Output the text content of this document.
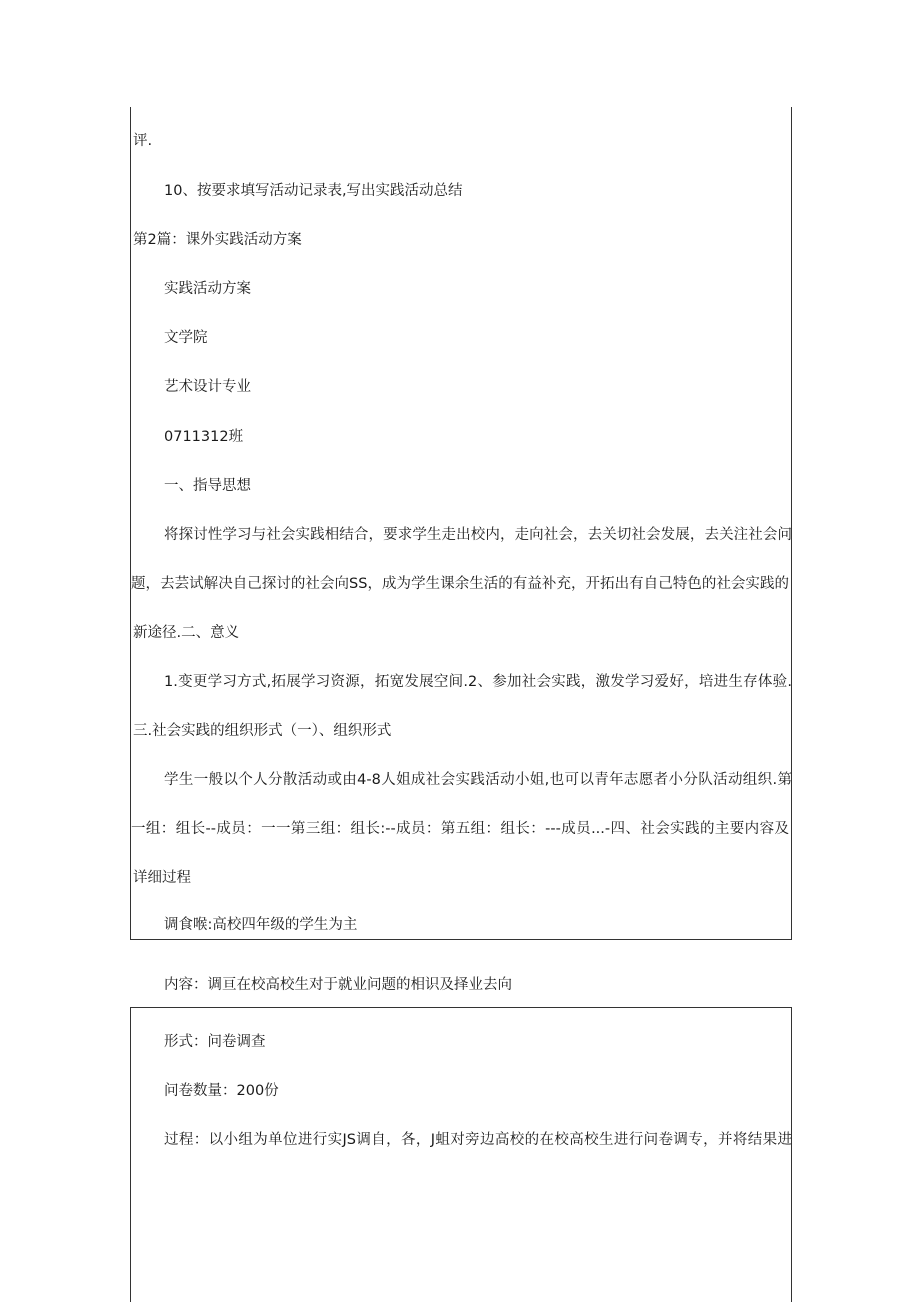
评.
10、按要求填写活动记录表,写出实践活动总结
第2篇：课外实践活动方案
实践活动方案
文学院
艺术设计专业
0711312班
一、指导思想
将探讨性学习与社会实践相结合，要求学生走出校内，走向社会，去关切社会发展，去关注社会问
题，去芸试解决自己探讨的社会向SS，成为学生课余生活的有益补充，开拓出有自己特色的社会实践的
新途径.二、意义
1.变更学习方式,拓展学习资源，拓宽发展空间.2、参加社会实践，激发学习爱好，培进生存体验.
三.社会实践的组织形式（一）、组织形式
学生一般以个人分散活动或由4-8人姐成社会实践活动小姐,也可以青年志愿者小分队活动组织.第
一组：组长--成员：一一第三组：组长:--成员：第五组：组长：---成员...-四、社会实践的主要内容及
详细过程
调食喉:高校四年级的学生为主
内容：调亘在校高校生对于就业问题的相识及择业去向
形式：问卷调查
问卷数量：200份
过程：以小组为单位进行实JS调自，各，J蛆对旁边高校的在校高校生进行问卷调专，并将结果进
